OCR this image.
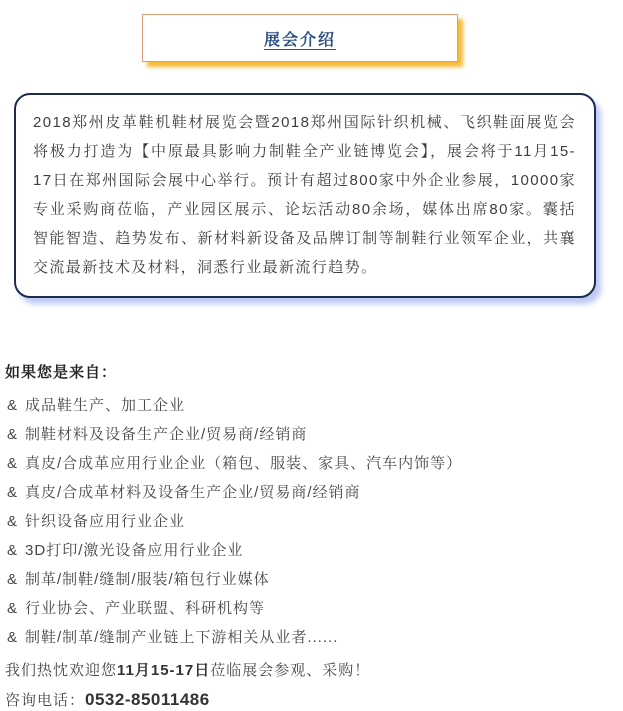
展会介绍

2018郑州皮革鞋机鞋材展览会暨2018郑州国际针织机械、飞织鞋面展览会将极力打造为【中原最具影响力制鞋全产业链博览会】，展会将于11月15-17日在郑州国际会展中心举行。预计有超过800家中外企业参展，10000家专业采购商莅临，产业园区展示、论坛活动80余场，媒体出席80家。囊括智能智造、趋势发布、新材料新设备及品牌订制等制鞋行业领军企业，共襄交流最新技术及材料，洞悉行业最新流行趋势。

如果您是来自：

& 成品鞋生产、加工企业
& 制鞋材料及设备生产企业/贸易商/经销商
& 真皮/合成革应用行业企业（箱包、服装、家具、汽车内饰等）
& 真皮/合成革材料及设备生产企业/贸易商/经销商
& 针织设备应用行业企业
& 3D打印/激光设备应用行业企业
& 制革/制鞋/缝制/服装/箱包行业媒体
& 行业协会、产业联盟、科研机构等
& 制鞋/制革/缝制产业链上下游相关从业者......

我们热忱欢迎您11月15-17日莅临展会参观、采购！

咨询电话：0532-85011486
